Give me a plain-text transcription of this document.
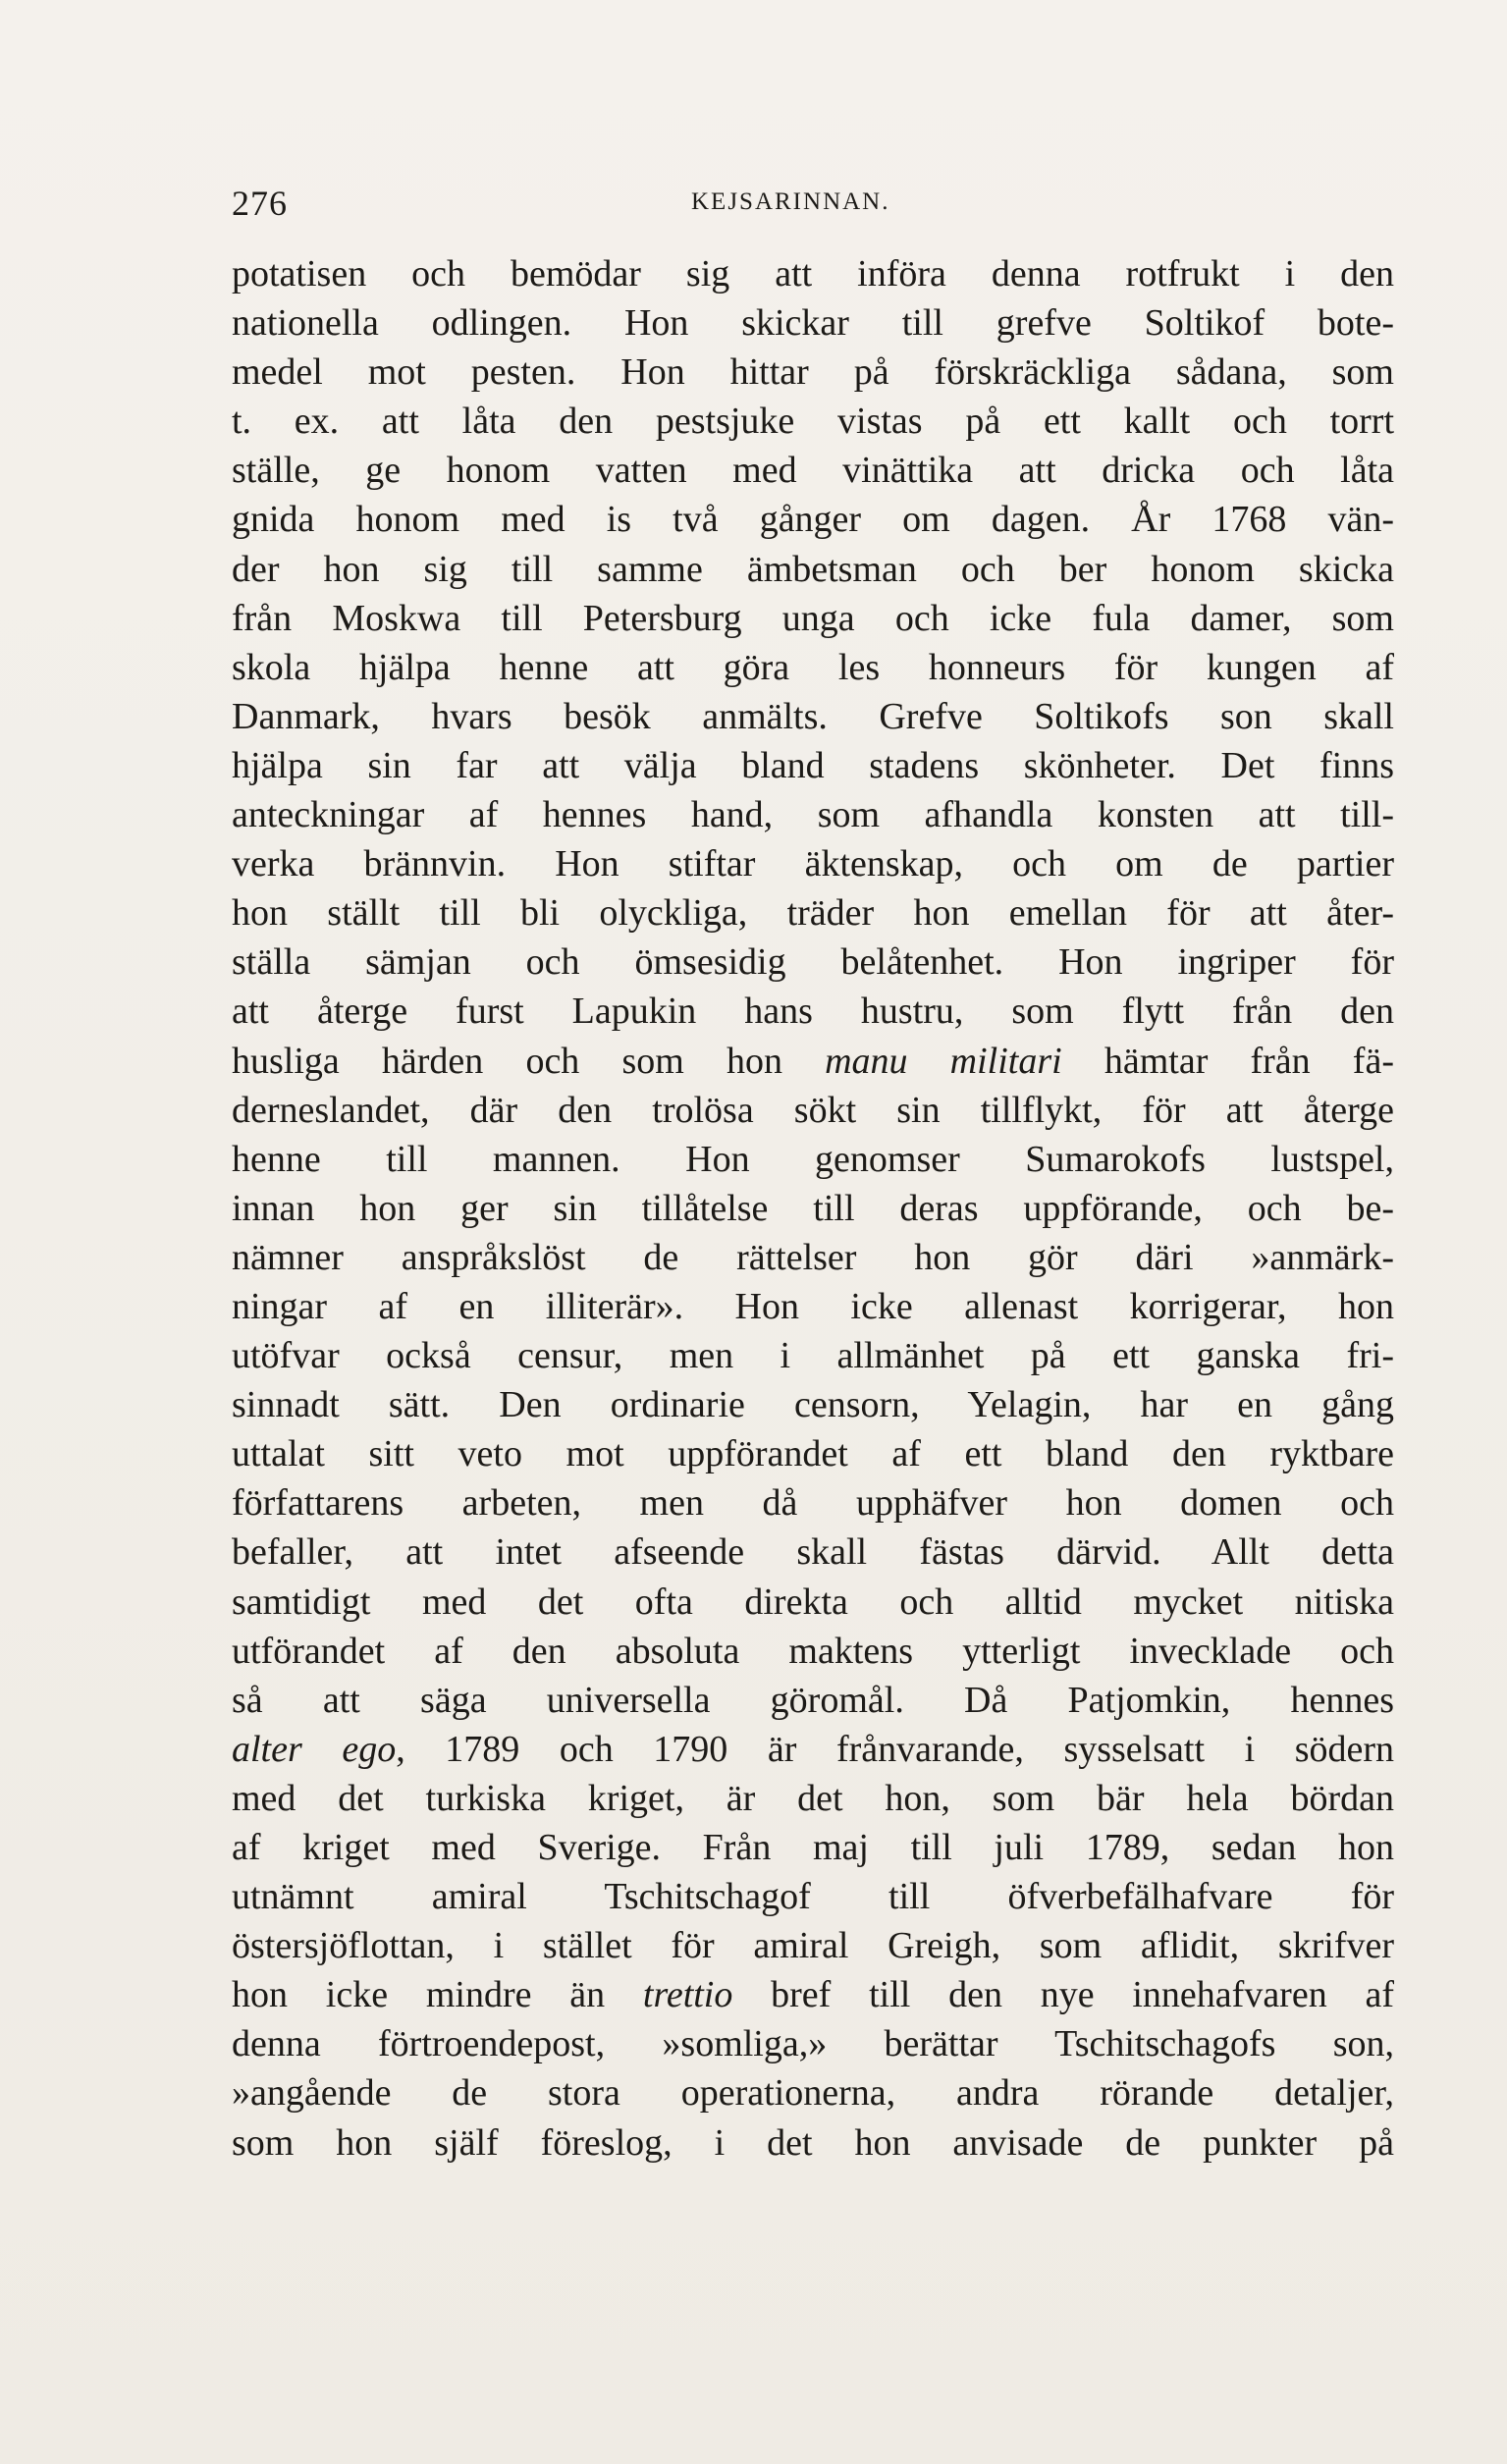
276	KEJSARINNAN.
potatisen och bemödar sig att införa denna rotfrukt i den
nationella odlingen. Hon skickar till grefve Soltikof bote-
medel mot pesten. Hon hittar på förskräckliga sådana, som
t. ex. att låta den pestsjuke vistas på ett kallt och torrt
ställe, ge honom vatten med vinättika att dricka och låta
gnida honom med is två gånger om dagen. År 1768 vän-
der hon sig till samme ämbetsman och ber honom skicka
från Moskwa till Petersburg unga och icke fula damer, som
skola hjälpa henne att göra les honneurs för kungen af
Danmark, hvars besök anmälts. Grefve Soltikofs son skall
hjälpa sin far att välja bland stadens skönheter. Det finns
anteckningar af hennes hand, som afhandla konsten att till-
verka brännvin. Hon stiftar äktenskap, och om de partier
hon ställt till bli olyckliga, träder hon emellan för att åter-
ställa sämjan och ömsesidig belåtenhet. Hon ingriper för
att återge furst Lapukin hans hustru, som flytt från den
husliga härden och som hon manu militari hämtar från fä-
derneslandet, där den trolösa sökt sin tillflykt, för att återge
henne till mannen. Hon genomser Sumarokofs lustspel,
innan hon ger sin tillåtelse till deras uppförande, och be-
nämner anspråkslöst de rättelser hon gör däri »anmärk-
ningar af en illiterär». Hon icke allenast korrigerar, hon
utöfvar också censur, men i allmänhet på ett ganska fri-
sinnadt sätt. Den ordinarie censorn, Yelagin, har en gång
uttalat sitt veto mot uppförandet af ett bland den ryktbare
författarens arbeten, men då upphäfver hon domen och
befaller, att intet afseende skall fästas därvid. Allt detta
samtidigt med det ofta direkta och alltid mycket nitiska
utförandet af den absoluta maktens ytterligt invecklade och
så att säga universella göromål. Då Patjomkin, hennes
alter ego, 1789 och 1790 är frånvarande, sysselsatt i södern
med det turkiska kriget, är det hon, som bär hela bördan
af kriget med Sverige. Från maj till juli 1789, sedan hon
utnämnt amiral Tschitschagof till öfverbefälhafvare för
östersjöflottan, i stället för amiral Greigh, som aflidit, skrifver
hon icke mindre än trettio bref till den nye innehafvaren af
denna förtroendepost, »somliga,» berättar Tschitschagofs son,
»angående de stora operationerna, andra rörande detaljer,
som hon själf föreslog, i det hon anvisade de punkter på
